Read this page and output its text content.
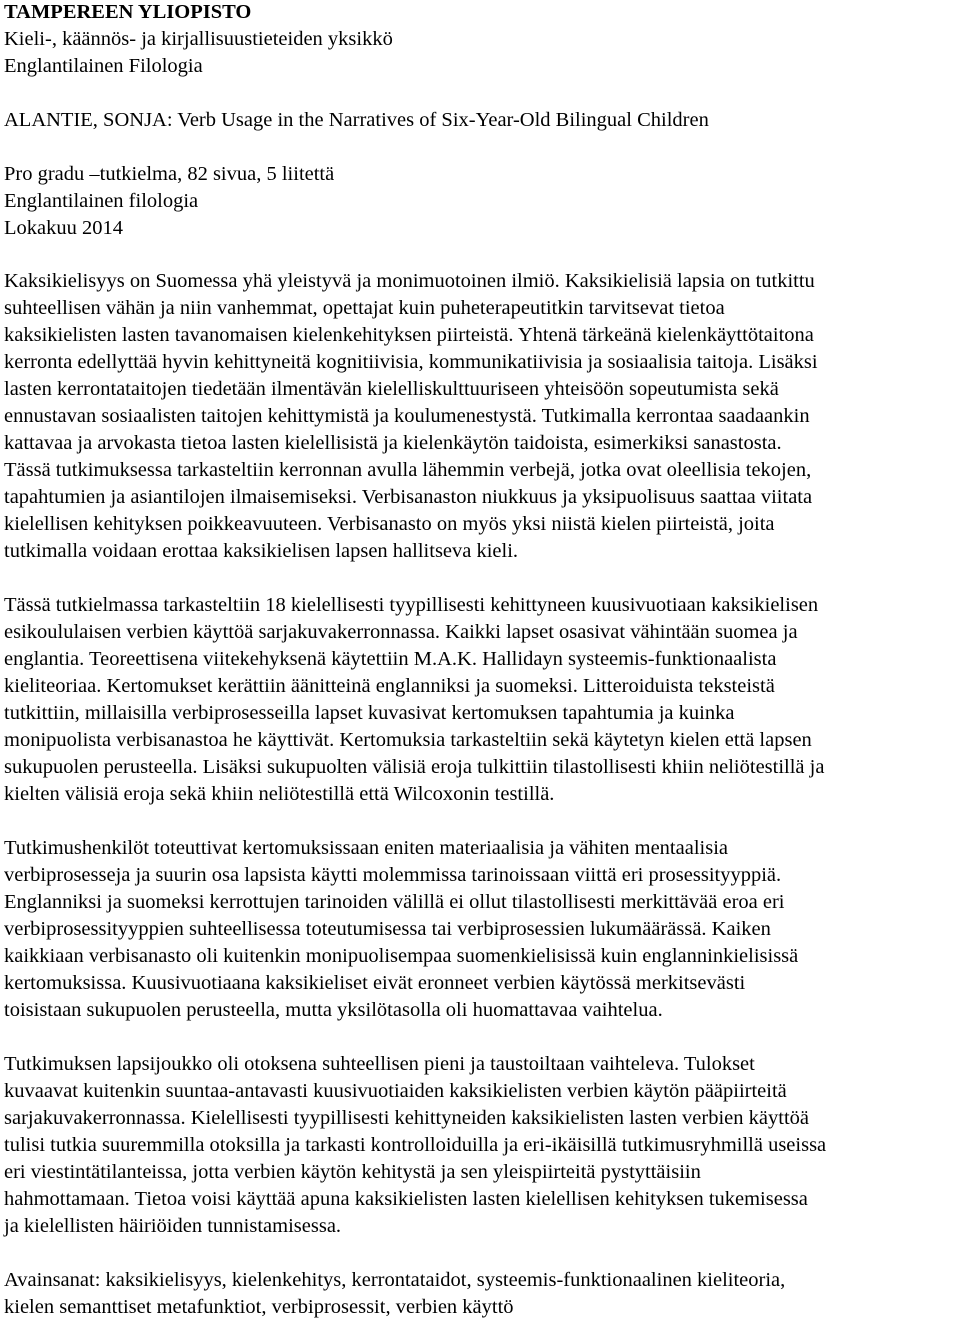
TAMPEREEN YLIOPISTO
Kieli-, käännös- ja kirjallisuustieteiden yksikkö
Englantilainen Filologia
ALANTIE, SONJA: Verb Usage in the Narratives of Six-Year-Old Bilingual Children
Pro gradu –tutkielma, 82 sivua, 5 liitettä
Englantilainen filologia
Lokakuu 2014
Kaksikielisyys on Suomessa yhä yleistyvä ja monimuotoinen ilmiö. Kaksikielisiä lapsia on tutkittu
suhteellisen vähän ja niin vanhemmat, opettajat kuin puheterapeutitkin tarvitsevat tietoa
kaksikielisten lasten tavanomaisen kielenkehityksen piirteistä. Yhtenä tärkeänä kielenkäyttötaitona
kerronta edellyttää hyvin kehittyneitä kognitiivisia, kommunikatiivisia ja sosiaalisia taitoja. Lisäksi
lasten kerrontataitojen tiedetään ilmentävän kielelliskulttuuriseen yhteisöön sopeutumista sekä
ennustavan sosiaalisten taitojen kehittymistä ja koulumenestystä. Tutkimalla kerrontaa saadaankin
kattavaa ja arvokasta tietoa lasten kielellisistä ja kielenkäytön taidoista, esimerkiksi sanastosta.
Tässä tutkimuksessa tarkasteltiin kerronnan avulla lähemmin verbejä, jotka ovat oleellisia tekojen,
tapahtumien ja asiantilojen ilmaisemiseksi. Verbisanaston niukkuus ja yksipuolisuus saattaa viitata
kielellisen kehityksen poikkeavuuteen. Verbisanasto on myös yksi niistä kielen piirteistä, joita
tutkimalla voidaan erottaa kaksikielisen lapsen hallitseva kieli.
Tässä tutkielmassa tarkasteltiin 18 kielellisesti tyypillisesti kehittyneen kuusivuotiaan kaksikielisen
esikoululaisen verbien käyttöä sarjakuvakerronnassa. Kaikki lapset osasivat vähintään suomea ja
englantia. Teoreettisena viitekehyksenä käytettiin M.A.K. Hallidayn systeemis-funktionaalista
kieliteoriaa. Kertomukset kerättiin äänitteinä englanniksi ja suomeksi. Litteroiduista teksteistä
tutkittiin, millaisilla verbiprosesseilla lapset kuvasivat kertomuksen tapahtumia ja kuinka
monipuolista verbisanastoa he käyttivät. Kertomuksia tarkasteltiin sekä käytetyn kielen että lapsen
sukupuolen perusteella. Lisäksi sukupuolten välisiä eroja tulkittiin tilastollisesti khiin neliötestillä ja
kielten välisiä eroja sekä khiin neliötestillä että Wilcoxonin testillä.
Tutkimushenkilöt toteuttivat kertomuksissaan eniten materiaalisia ja vähiten mentaalisia
verbiprosesseja ja suurin osa lapsista käytti molemmissa tarinoissaan viittä eri prosessityyppiä.
Englanniksi ja suomeksi kerrottujen tarinoiden välillä ei ollut tilastollisesti merkittävää eroa eri
verbiprosessityyppien suhteellisessa toteutumisessa tai verbiprosessien lukumäärässä. Kaiken
kaikkiaan verbisanasto oli kuitenkin monipuolisempaa suomenkielisissä kuin englanninkielisissä
kertomuksissa. Kuusivuotiaana kaksikieliset eivät eronneet verbien käytössä merkitsevästi
toisistaan sukupuolen perusteella, mutta yksilötasolla oli huomattavaa vaihtelua.
Tutkimuksen lapsijoukko oli otoksena suhteellisen pieni ja taustoiltaan vaihteleva. Tulokset
kuvaavat kuitenkin suuntaa-antavasti kuusivuotiaiden kaksikielisten verbien käytön pääpiirteitä
sarjakuvakerronnassa. Kielellisesti tyypillisesti kehittyneiden kaksikielisten lasten verbien käyttöä
tulisi tutkia suuremmilla otoksilla ja tarkasti kontrolloiduilla ja eri-ikäisillä tutkimusryhmillä useissa
eri viestintätilanteissa, jotta verbien käytön kehitystä ja sen yleispiirteitä pystyttäisiin
hahmottamaan. Tietoa voisi käyttää apuna kaksikielisten lasten kielellisen kehityksen tukemisessa
ja kielellisten häiriöiden tunnistamisessa.
Avainsanat: kaksikielisyys, kielenkehitys, kerrontataidot, systeemis-funktionaalinen kieliteoria,
kielen semanttiset metafunktiot, verbiprosessit, verbien käyttö
